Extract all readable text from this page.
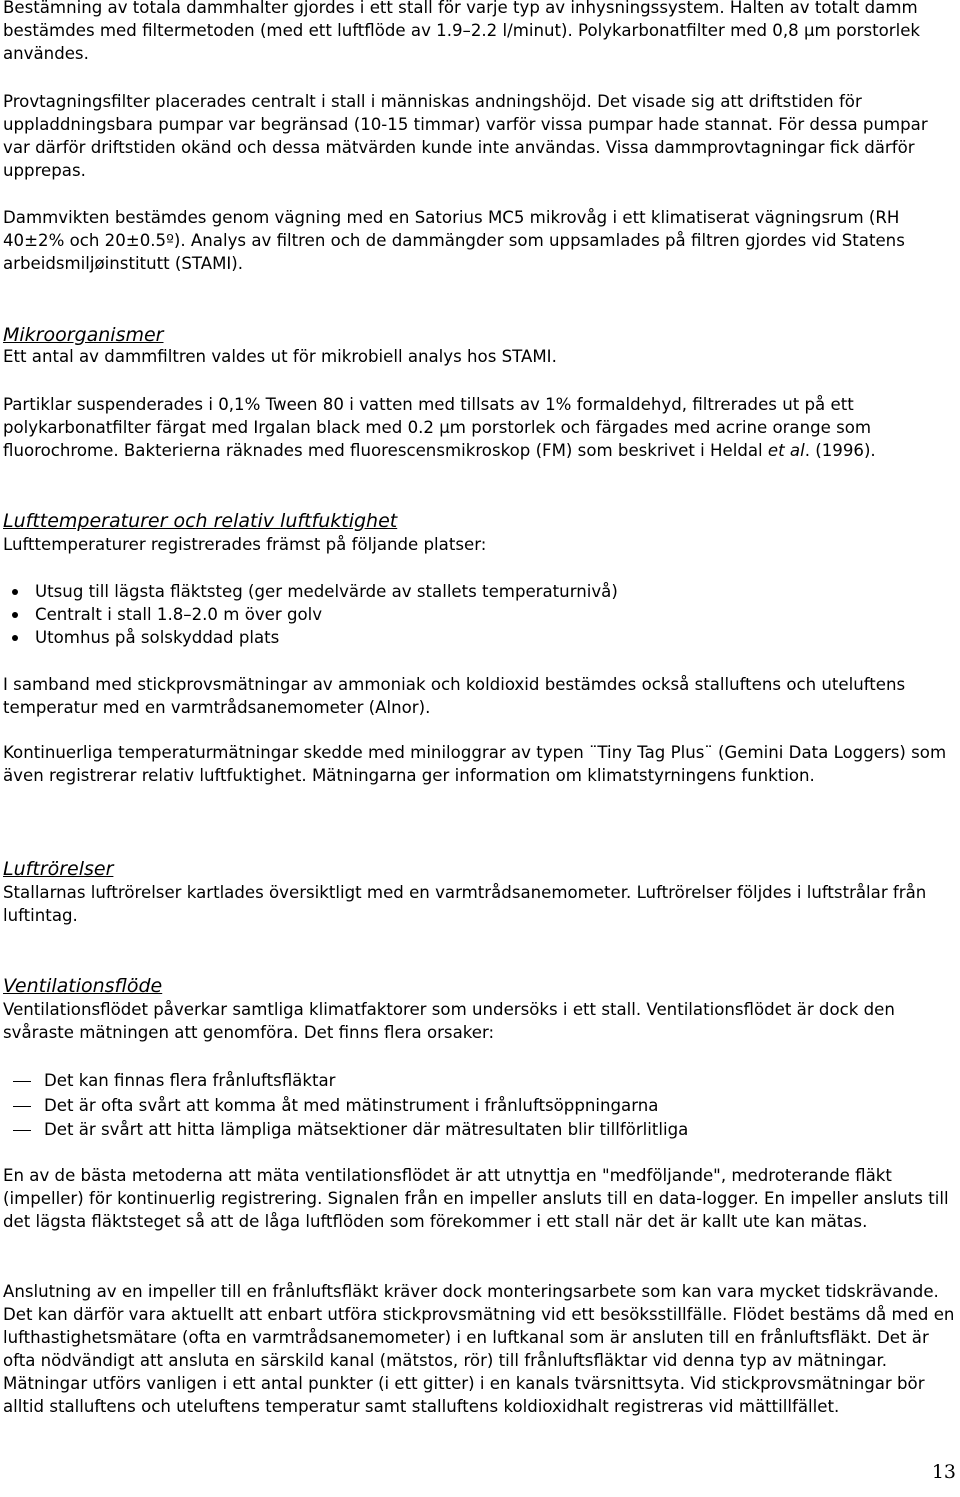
Bestämning av totala dammhalter gjordes i ett stall för varje typ av inhysningssystem. Halten av totalt damm bestämdes med filtermetoden (med ett luftflöde av 1.9–2.2 l/minut). Polykarbonatfilter med 0,8 μm porstorlek användes.

Provtagningsfilter placerades centralt i stall i människas andningshöjd. Det visade sig att driftstiden för uppladdningsbara pumpar var begränsad (10-15 timmar) varför vissa pumpar hade stannat. För dessa pumpar var därför driftstiden okänd och dessa mätvärden kunde inte användas. Vissa dammprovtagningar fick därför upprepas.

Dammvikten bestämdes genom vägning med en Satorius MC5 mikrovåg i ett klimatiserat vägningsrum (RH 40±2% och 20±0.5º). Analys av filtren och de dammängder som uppsamlades på filtren gjordes vid Statens arbeidsmiljøinstitutt (STAMI).

Mikroorganismer

Ett antal av dammfiltren valdes ut för mikrobiell analys hos STAMI.

Partiklar suspenderades i 0,1% Tween 80 i vatten med tillsats av 1% formaldehyd, filtrerades ut på ett polykarbonatfilter färgat med Irgalan black med 0.2 μm porstorlek och färgades med acrine orange som fluorochrome. Bakterierna räknades med fluorescensmikroskop (FM) som beskrivet i Heldal et al. (1996).

Lufttemperaturer och relativ luftfuktighet

Lufttemperaturer registrerades främst på följande platser:

Utsug till lägsta fläktsteg (ger medelvärde av stallets temperaturnivå)
Centralt i stall 1.8–2.0 m över golv
Utomhus på solskyddad plats

I samband med stickprovsmätningar av ammoniak och koldioxid bestämdes också stalluftens och uteluftens temperatur med en varmtrådsanemometer (Alnor).

Kontinuerliga temperaturmätningar skedde med miniloggrar av typen ¨Tiny Tag Plus¨ (Gemini Data Loggers) som även registrerar relativ luftfuktighet. Mätningarna ger information om klimatstyrningens funktion.

Luftrörelser

Stallarnas luftrörelser kartlades översiktligt med en varmtrådsanemometer. Luftrörelser följdes i luftstrålar från luftintag.

Ventilationsflöde

Ventilationsflödet påverkar samtliga klimatfaktorer som undersöks i ett stall. Ventilationsflödet är dock den svåraste mätningen att genomföra. Det finns flera orsaker:

Det kan finnas flera frånluftsfläktar
Det är ofta svårt att komma åt med mätinstrument i frånluftsöppningarna
Det är svårt att hitta lämpliga mätsektioner där mätresultaten blir tillförlitliga

En av de bästa metoderna att mäta ventilationsflödet är att utnyttja en "medföljande", medroterande fläkt (impeller) för kontinuerlig registrering. Signalen från en impeller ansluts till en data-logger. En impeller ansluts till det lägsta fläktsteget så att de låga luftflöden som förekommer i ett stall när det är kallt ute kan mätas.

Anslutning av en impeller till en frånluftsfläkt kräver dock monteringsarbete som kan vara mycket tidskrävande. Det kan därför vara aktuellt att enbart utföra stickprovsmätning vid ett besöksstillfälle. Flödet bestäms då med en lufthastighetsmätare (ofta en varmtrådsanemometer) i en luftkanal som är ansluten till en frånluftsfläkt. Det är ofta nödvändigt att ansluta en särskild kanal (mätstos, rör) till frånluftsfläktar vid denna typ av mätningar. Mätningar utförs vanligen i ett antal punkter (i ett gitter) i en kanals tvärsnittsyta. Vid stickprovsmätningar bör alltid stalluftens och uteluftens temperatur samt stalluftens koldioxidhalt registreras vid mättillfället.

13
